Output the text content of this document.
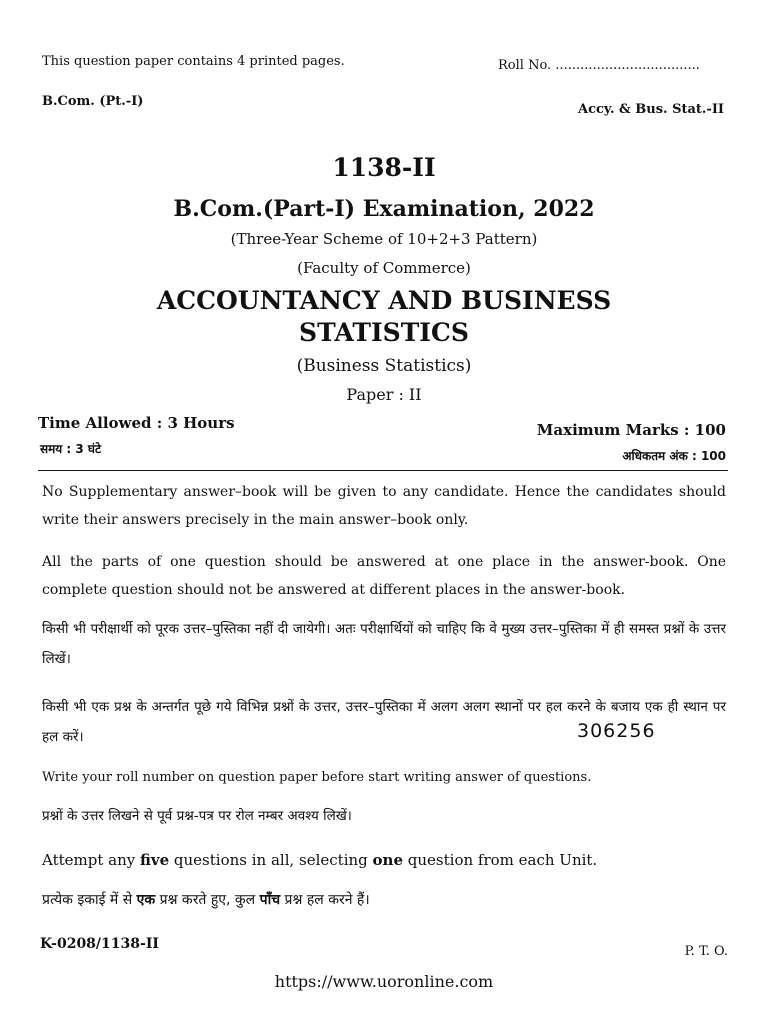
This question paper contains 4 printed pages.	Roll No. ...................................
B.Com. (Pt.-I)
Accy. & Bus. Stat.-II
1138-II
B.Com.(Part-I) Examination, 2022
(Three-Year Scheme of 10+2+3 Pattern)
(Faculty of Commerce)
ACCOUNTANCY AND BUSINESS
STATISTICS
(Business Statistics)
Paper : II
Time Allowed : 3 Hours
समय : 3 घंटे
Maximum Marks : 100
अधिकतम अंक : 100
No Supplementary answer–book will be given to any candidate. Hence the candidates should write their answers precisely in the main answer–book only.
All the parts of one question should be answered at one place in the answer-book. One complete question should not be answered at different places in the answer-book.
किसी भी परीक्षार्थी को पूरक उत्तर–पुस्तिका नहीं दी जायेगी। अतः परीक्षार्थियों को चाहिए कि वे मुख्य उत्तर–पुस्तिका में ही समस्त प्रश्नों के उत्तर लिखें।
किसी भी एक प्रश्न के अन्तर्गत पूछे गये विभिन्न प्रश्नों के उत्तर, उत्तर–पुस्तिका में अलग अलग स्थानों पर हल करने के बजाय एक ही स्थान पर हल करें।	306256
Write your roll number on question paper before start writing answer of questions.
प्रश्नों के उत्तर लिखने से पूर्व प्रश्न-पत्र पर रोल नम्बर अवश्य लिखें।
Attempt any five questions in all, selecting one question from each Unit.
प्रत्येक इकाई में से एक प्रश्न करते हुए, कुल पाँच प्रश्न हल करने हैं।
K-0208/1138-II	P. T. O.
https://www.uoronline.com
